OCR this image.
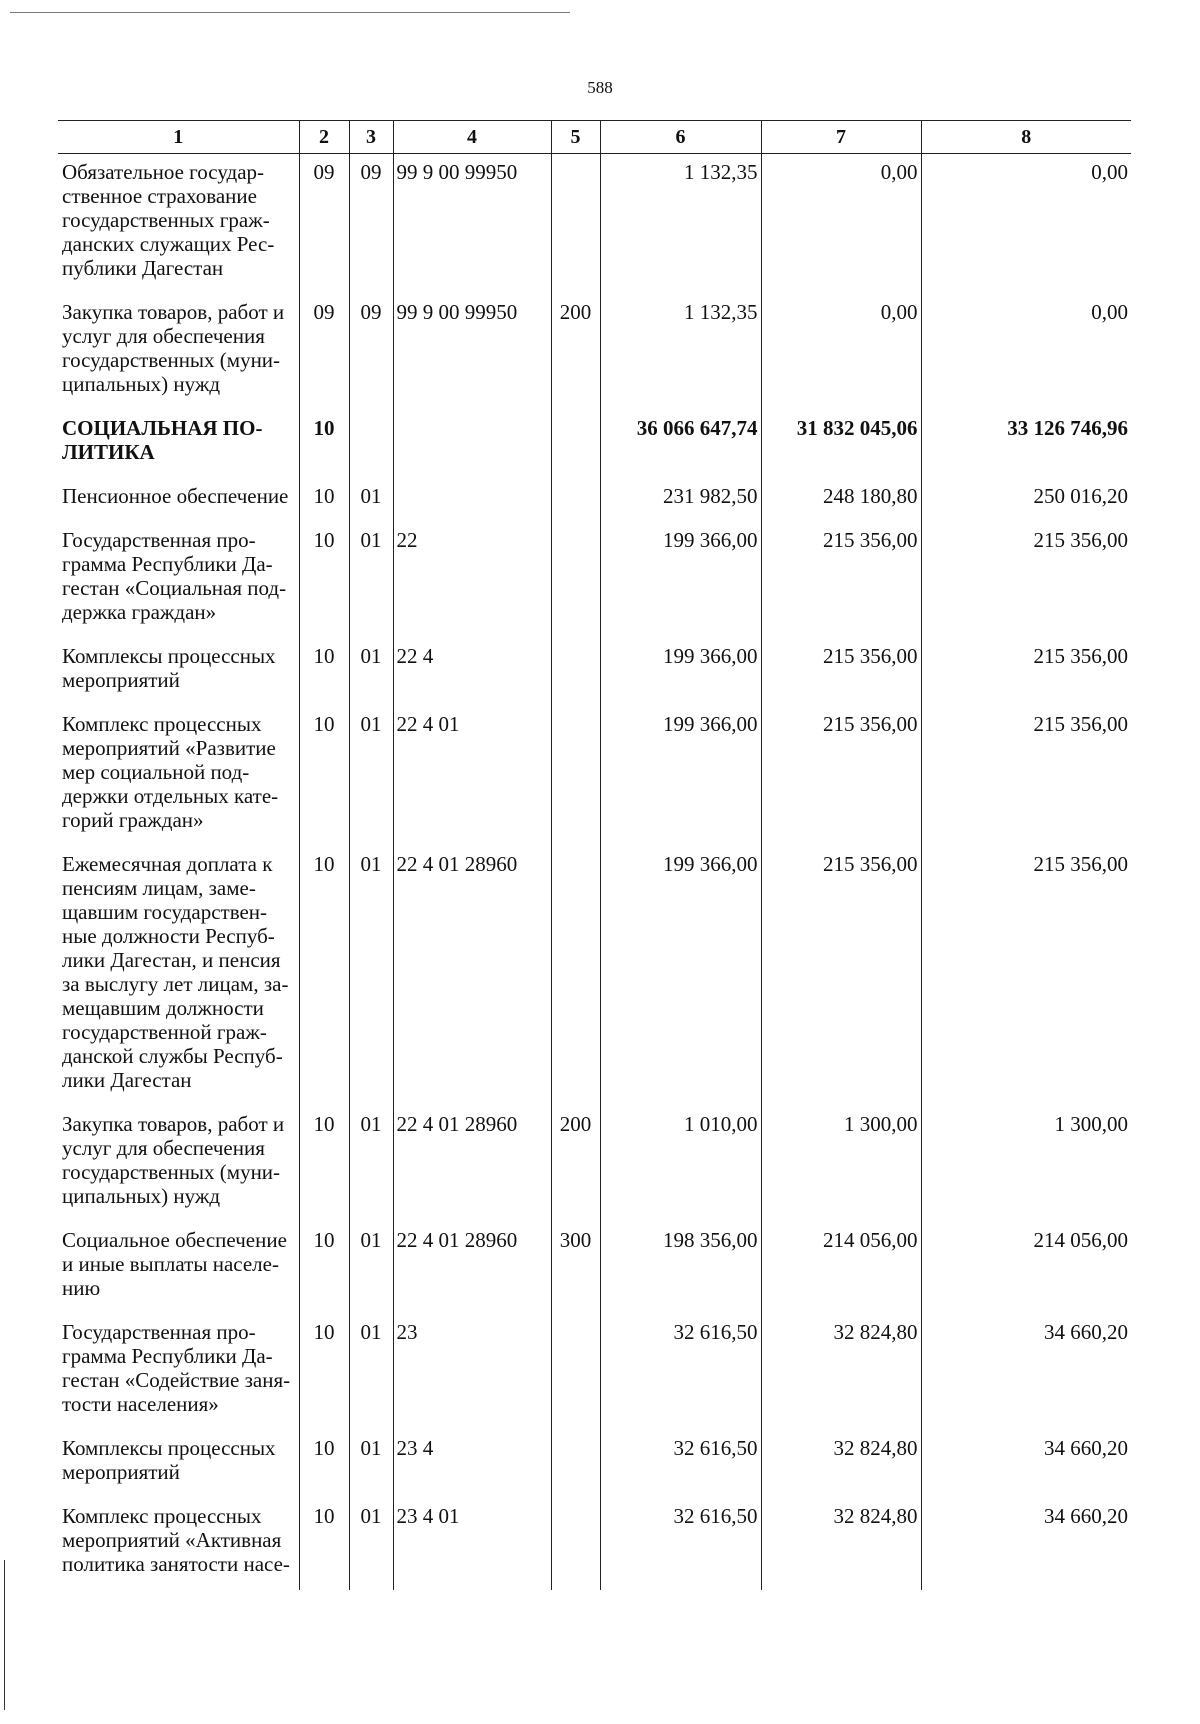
588
1	2	3	4	5	6	7	8
Обязательное государ-ственное страхование государственных граж-данских служащих Рес-публики Дагестан	09	09	99 9 00 99950		1 132,35	0,00	0,00
Закупка товаров, работ и услуг для обеспечения государственных (муни-ципальных) нужд	09	09	99 9 00 99950	200	1 132,35	0,00	0,00
СОЦИАЛЬНАЯ ПО-ЛИТИКА	10				36 066 647,74	31 832 045,06	33 126 746,96
Пенсионное обеспечение	10	01			231 982,50	248 180,80	250 016,20
Государственная про-грамма Республики Да-гестан «Социальная под-держка граждан»	10	01	22		199 366,00	215 356,00	215 356,00
Комплексы процессных мероприятий	10	01	22 4		199 366,00	215 356,00	215 356,00
Комплекс процессных мероприятий «Развитие мер социальной под-держки отдельных кате-горий граждан»	10	01	22 4 01		199 366,00	215 356,00	215 356,00
Ежемесячная доплата к пенсиям лицам, заме-щавшим государствен-ные должности Респуб-лики Дагестан, и пенсия за выслугу лет лицам, за-мещавшим должности государственной граж-данской службы Респуб-лики Дагестан	10	01	22 4 01 28960		199 366,00	215 356,00	215 356,00
Закупка товаров, работ и услуг для обеспечения государственных (муни-ципальных) нужд	10	01	22 4 01 28960	200	1 010,00	1 300,00	1 300,00
Социальное обеспечение и иные выплаты населе-нию	10	01	22 4 01 28960	300	198 356,00	214 056,00	214 056,00
Государственная про-грамма Республики Да-гестан «Содействие заня-тости населения»	10	01	23		32 616,50	32 824,80	34 660,20
Комплексы процессных мероприятий	10	01	23 4		32 616,50	32 824,80	34 660,20
Комплекс процессных мероприятий «Активная политика занятости насе-	10	01	23 4 01		32 616,50	32 824,80	34 660,20
